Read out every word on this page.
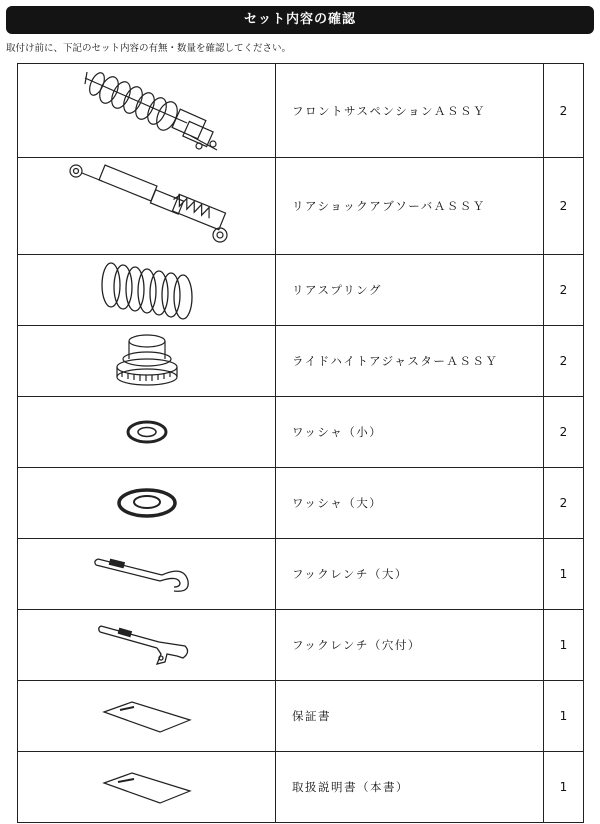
セット内容の確認
取付け前に、下記のセット内容の有無・数量を確認してください。
	フロントサスペンションＡＳＳＹ	2

	リアショックアブソーバＡＳＳＹ	2

	リアスプリング	2

	ライドハイトアジャスターＡＳＳＹ	2

	ワッシャ（小）	2

	ワッシャ（大）	2

	フックレンチ（大）	1

	フックレンチ（穴付）	1

	保証書	1

	取扱説明書（本書）	1
